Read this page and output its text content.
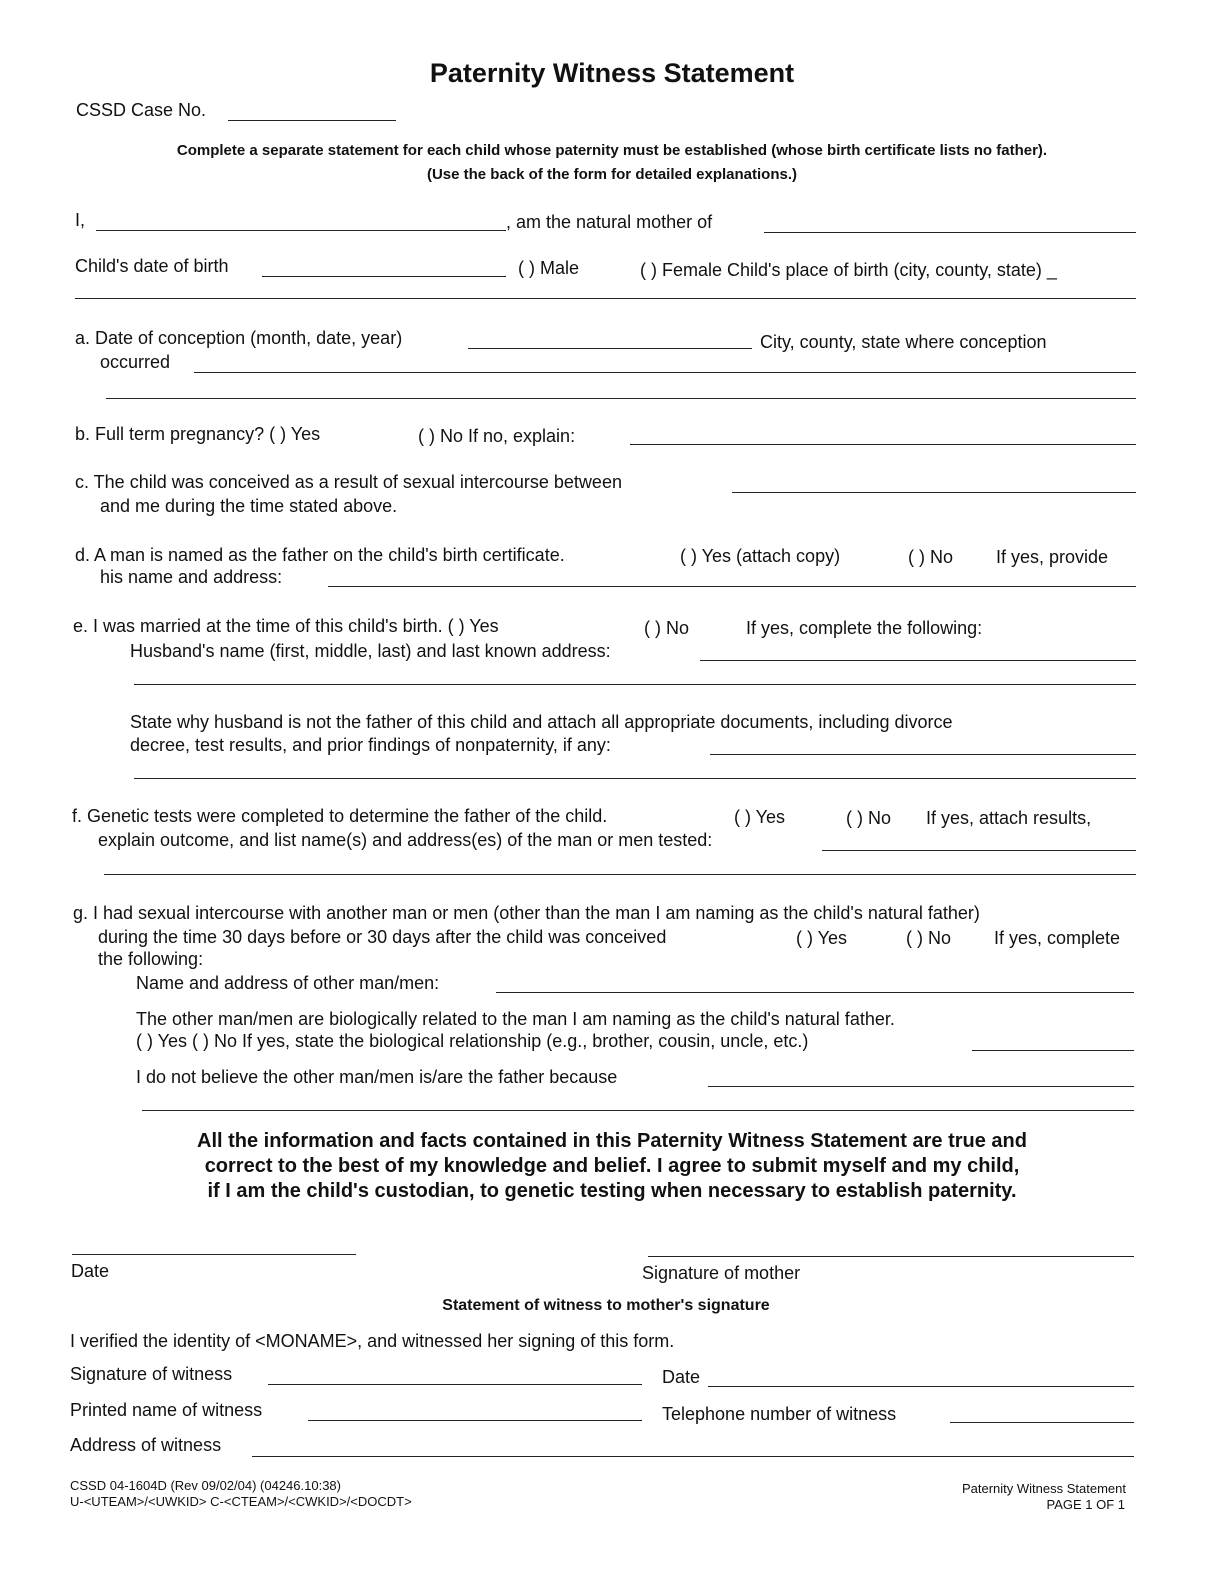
Paternity Witness Statement
CSSD Case No.
Complete a separate statement for each child whose paternity must be established (whose birth certificate lists no father).
(Use the back of the form for detailed explanations.)
I,	, am the natural mother of
Child's date of birth	( ) Male	( ) Female Child's place of birth (city, county, state) _
a. Date of conception (month, date, year)	City, county, state where conception
occurred
b. Full term pregnancy? ( ) Yes	( ) No If no, explain:
c. The child was conceived as a result of sexual intercourse between
and me during the time stated above.
d. A man is named as the father on the child's birth certificate.	( ) Yes (attach copy)	( ) No If yes, provide
his name and address:
e. I was married at the time of this child's birth. ( ) Yes	( ) No	If yes, complete the following:
Husband's name (first, middle, last) and last known address:
State why husband is not the father of this child and attach all appropriate documents, including divorce
decree, test results, and prior findings of nonpaternity, if any:
f. Genetic tests were completed to determine the father of the child.	( ) Yes	( ) No If yes, attach results,
explain outcome, and list name(s) and address(es) of the man or men tested:
g. I had sexual intercourse with another man or men (other than the man I am naming as the child's natural father)
during the time 30 days before or 30 days after the child was conceived	( ) Yes	( ) No If yes, complete
the following:
Name and address of other man/men:
The other man/men are biologically related to the man I am naming as the child's natural father.
( ) Yes ( ) No If yes, state the biological relationship (e.g., brother, cousin, uncle, etc.)
I do not believe the other man/men is/are the father because
All the information and facts contained in this Paternity Witness Statement are true and
correct to the best of my knowledge and belief. I agree to submit myself and my child,
if I am the child's custodian, to genetic testing when necessary to establish paternity.
Date	Signature of mother
Statement of witness to mother's signature
I verified the identity of <MONAME>, and witnessed her signing of this form.
Signature of witness	Date
Printed name of witness	Telephone number of witness
Address of witness
CSSD 04-1604D (Rev 09/02/04) (04246.10:38)
U-<UTEAM>/<UWKID> C-<CTEAM>/<CWKID>/<DOCDT>
Paternity Witness Statement
PAGE 1 OF 1
